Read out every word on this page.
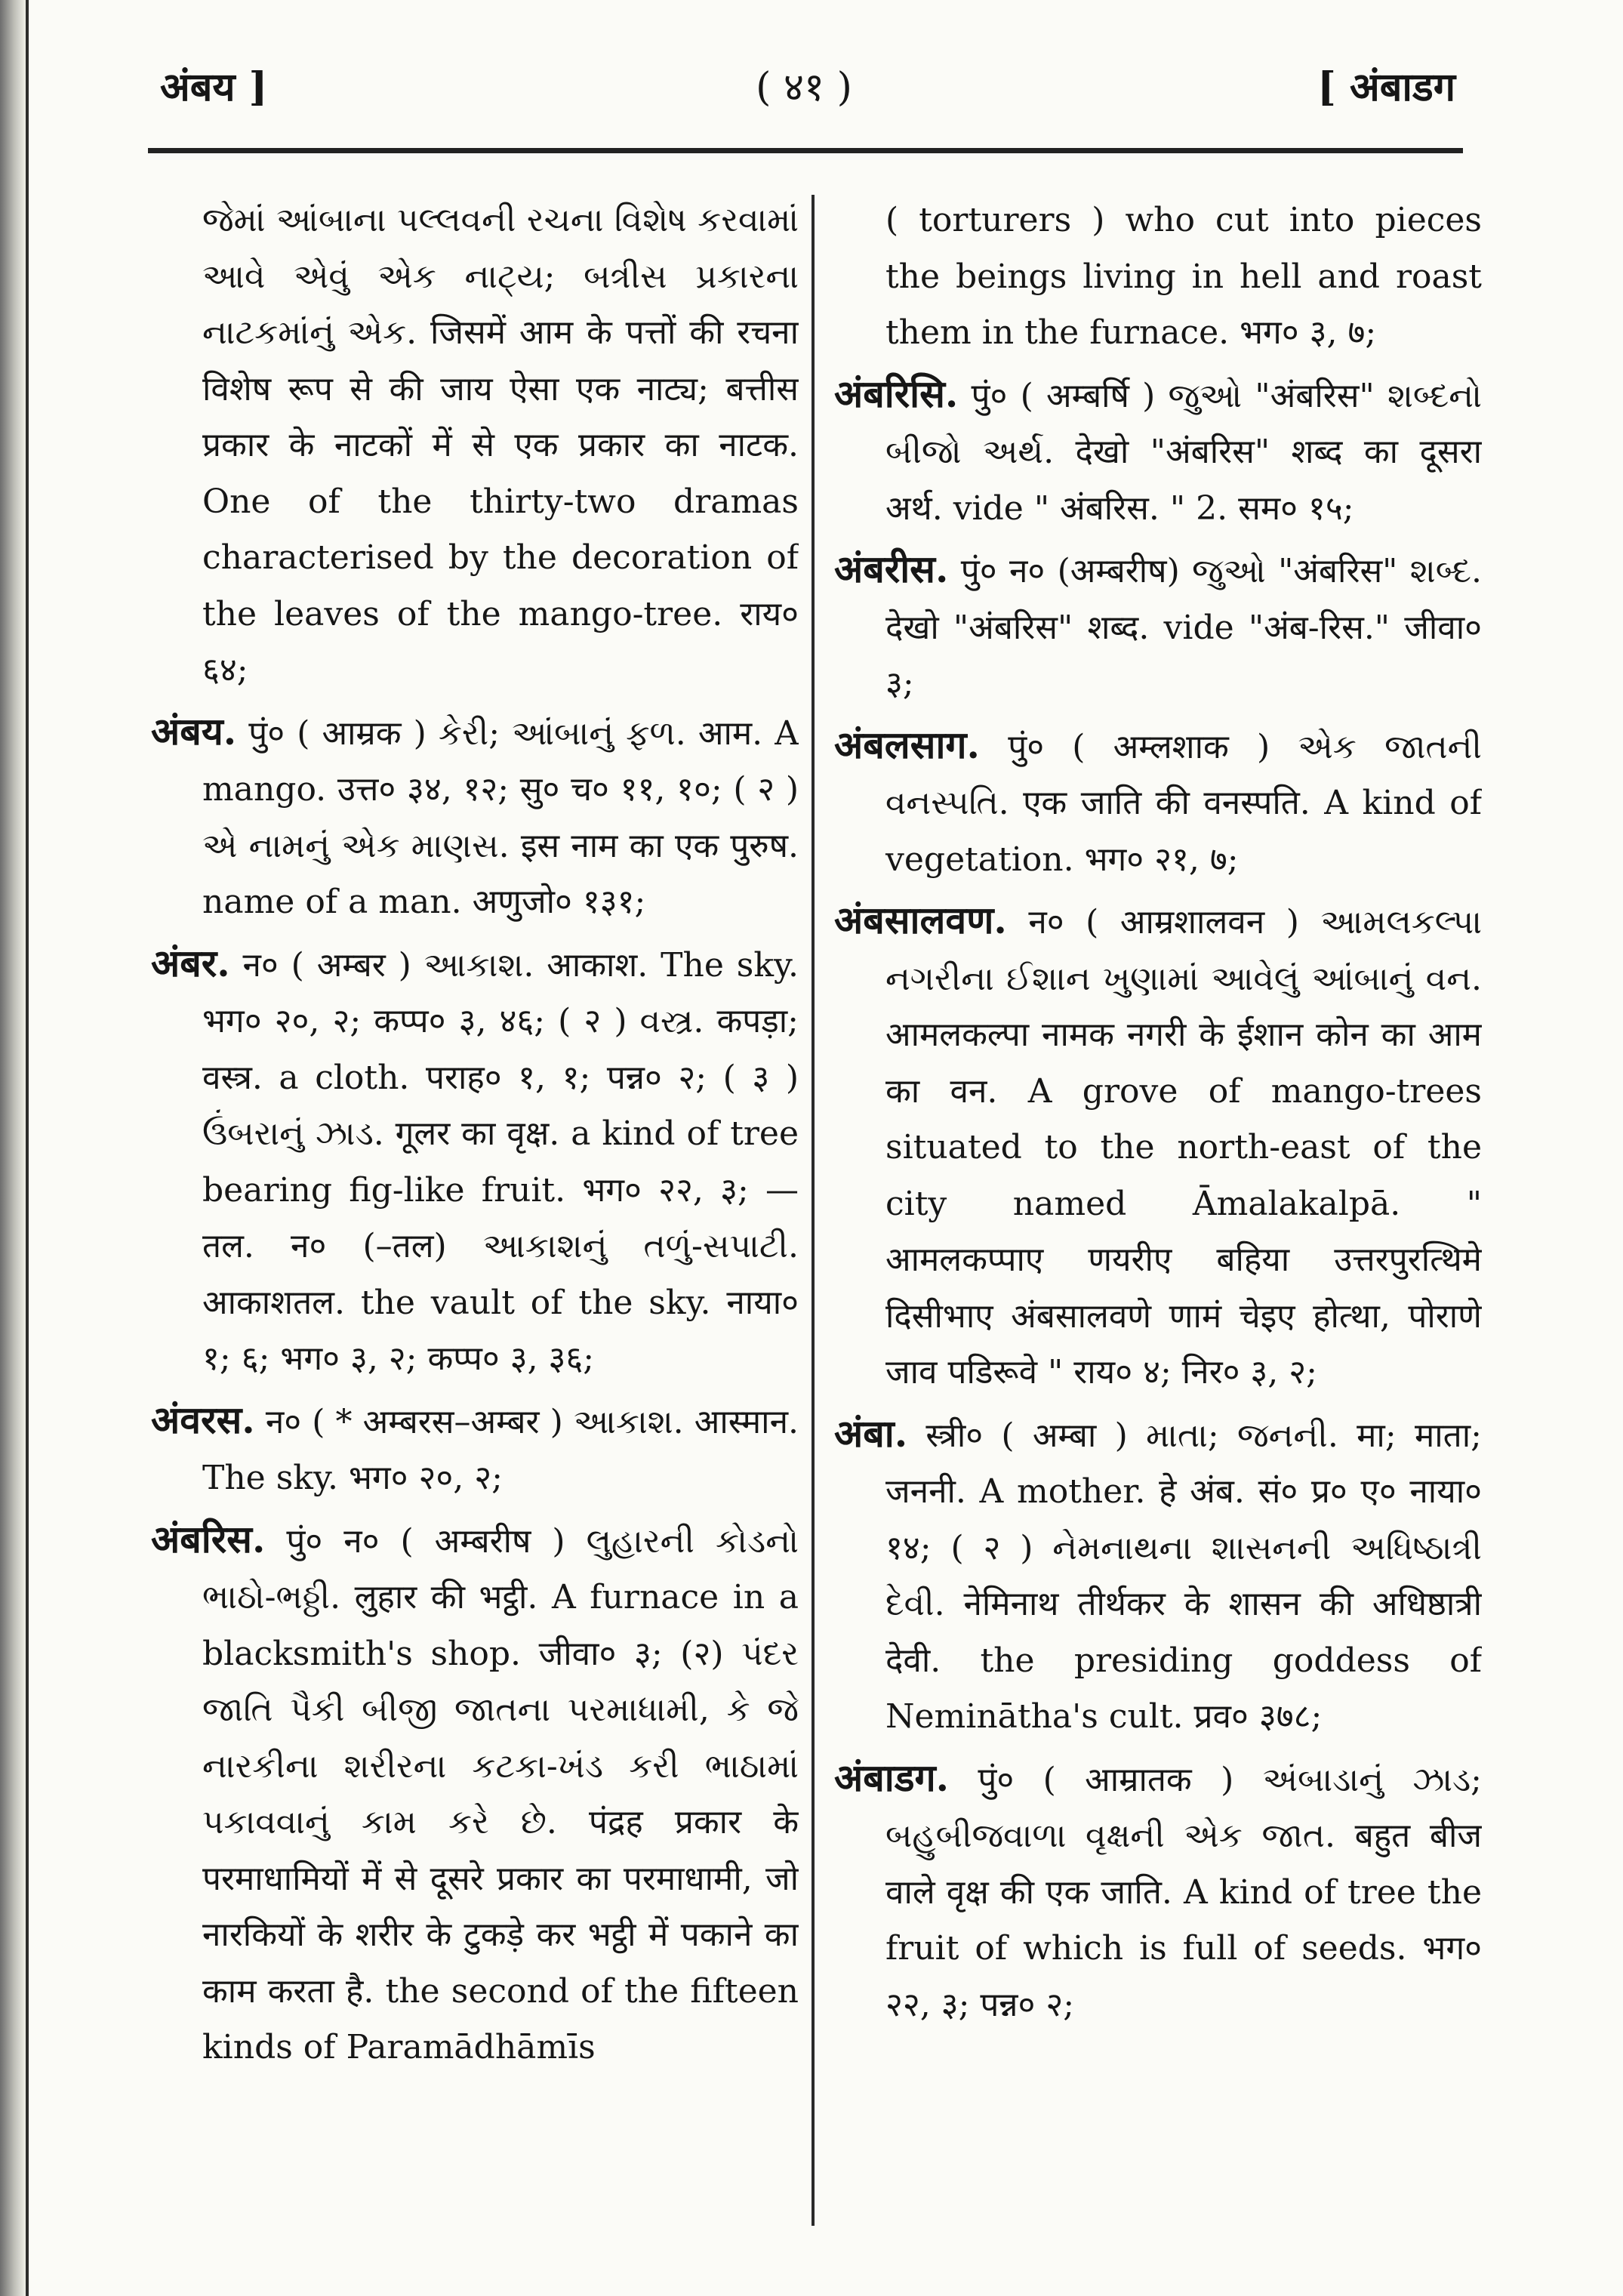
अंबय ]	( ४१ )	[ अंबाडग

જેમાં આંબાના પલ્લવની રચના વિશેષ કરવામાં આવે એવું એક નાટ્ય; બત્રીસ પ્રકારના નાટકમાંનું એક. जिसमें आम के पत्तों की रचना विशेष रूप से की जाय ऐसा एक नाट्य; बत्तीस प्रकार के नाटकों में से एक प्रकार का नाटक. One of the thirty-two dramas characterised by the decoration of the leaves of the mango-tree. राय० ६४;

अंबय. पुं० ( आम्रक ) કેરી; આંબાનું ફળ. आम. A mango. उत्त० ३४, १२; सु० च० ११, १०; ( २ ) એ નામનું એક માણસ. इस नाम का एक पुरुष. name of a man. अणुजो० १३१;

अंबर. न० ( अम्बर ) આકાશ. आकाश. The sky. भग० २०, २; कप्प० ३, ४६; ( २ ) વસ્ત્ર. कपड़ा; वस्त्र. a cloth. पराह० १, १; पन्न० २; ( ३ ) ઉંબરાનું ઝાડ. गूलर का वृक्ष. a kind of tree bearing fig-like fruit. भग० २२, ३; —तल. न० (–तल) આકાશનું તળું-સપાટી. आकाशतल. the vault of the sky. नाया० १; ६; भग० ३, २; कप्प० ३, ३६;

अंवरस. न० ( * अम्बरस–अम्बर ) આકાશ. आस्मान. The sky. भग० २०, २;

अंबरिस. पुं० न० ( अम्बरीष ) લુહારની કોડનો ભાઠો-ભઠ્ઠી. लुहार की भट्ठी. A furnace in a blacksmith's shop. जीवा० ३; (२) પંદર જાતિ પૈકી બીજી જાતના પરમાધામી, કે જે નારકીના શરીરના કટકા-ખંડ કરી ભાઠામાં પકાવવાનું કામ કરે છે. पंद्रह प्रकार के परमाधामियों में से दूसरे प्रकार का परमाधामी, जो नारकियों के शरीर के टुकड़े कर भट्ठी में पकाने का काम करता है. the second of the fifteen kinds of Paramādhāmīs

( torturers ) who cut into pieces the beings living in hell and roast them in the furnace. भग० ३, ७;

अंबरिसि. पुं० ( अम्बर्षि ) જુઓ "अंबरिस" શબ્દનો બીજો અર્થ. देखो "अंबरिस" शब्द का दूसरा अर्थ. vide " अंबरिस. " 2. सम० १५;

अंबरीस. पुं० न० (अम्बरीष) જુઓ "अंबरिस" શબ્દ. देखो "अंबरिस" शब्द. vide "अंब-रिस." जीवा० ३;

अंबलसाग. पुं० ( अम्लशाक ) એક જાતની વનસ્પતિ. एक जाति की वनस्पति. A kind of vegetation. भग० २१, ७;

अंबसालवण. न० ( आम्रशालवन ) આમલકલ્પા નગરીના ઈશાન ખુણામાં આવેલું આંબાનું વન. आमलकल्पा नामक नगरी के ईशान कोन का आम का वन. A grove of mango-trees situated to the north-east of the city named Āmalakalpā. " आमलकप्पाए णयरीए बहिया उत्तरपुरत्थिमे दिसीभाए अंबसालवणे णामं चेइए होत्था, पोराणे जाव पडिरूवे " राय० ४; निर० ३, २;

अंबा. स्त्री० ( अम्बा ) માતા; જનની. मा; माता; जननी. A mother. हे अंब. सं० प्र० ए० नाया० १४; ( २ ) નેમનાથના શાસનની અધિષ્ઠાત્રી દેવી. नेमिनाथ तीर्थकर के शासन की अधिष्ठात्री देवी. the presiding goddess of Neminātha's cult. प्रव० ३७८;

अंबाडग. पुं० ( आम्रातक ) અંબાડાનું ઝાડ; બહુબીજવાળા વૃક્ષની એક જાત. बहुत बीज वाले वृक्ष की एक जाति. A kind of tree the fruit of which is full of seeds. भग० २२, ३; पन्न० २;
